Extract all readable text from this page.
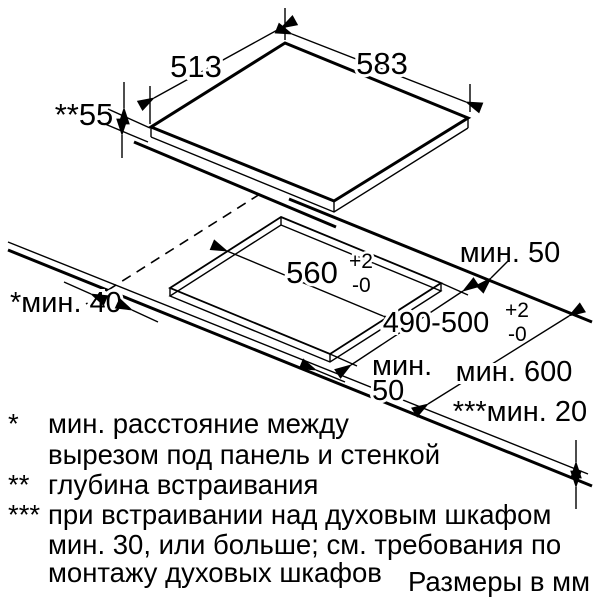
560 +2
-0
490-500 +2
-0
мин. 50
*мин. 40
мин.
50
мин. 600
***мин. 20
513	583
**55
* мин. расстояние между
вырезом под панель и стенкой
** глубина встраивания
*** при встраивании над духовым шкафом
мин. 30, или больше; см. требования по
монтажу духовых шкафов Размеры в мм
